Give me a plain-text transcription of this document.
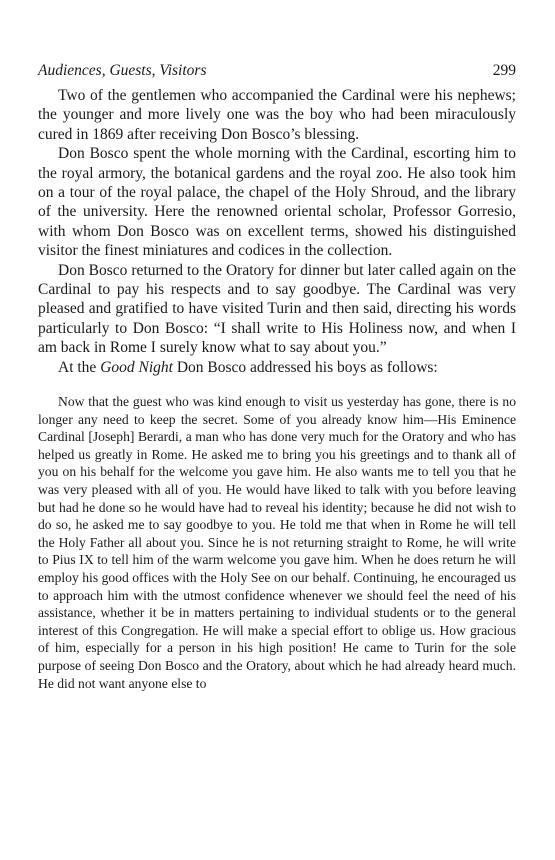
Audiences, Guests, Visitors	299

Two of the gentlemen who accompanied the Cardinal were his nephews; the younger and more lively one was the boy who had been miraculously cured in 1869 after receiving Don Bosco’s blessing.

Don Bosco spent the whole morning with the Cardinal, escorting him to the royal armory, the botanical gardens and the royal zoo. He also took him on a tour of the royal palace, the chapel of the Holy Shroud, and the library of the university. Here the renowned oriental scholar, Professor Gorresio, with whom Don Bosco was on excellent terms, showed his distinguished visitor the finest miniatures and codices in the collection.

Don Bosco returned to the Oratory for dinner but later called again on the Cardinal to pay his respects and to say goodbye. The Cardinal was very pleased and gratified to have visited Turin and then said, directing his words particularly to Don Bosco: “I shall write to His Holiness now, and when I am back in Rome I surely know what to say about you.”

At the Good Night Don Bosco addressed his boys as follows:

Now that the guest who was kind enough to visit us yesterday has gone, there is no longer any need to keep the secret. Some of you already know him—His Eminence Cardinal [Joseph] Berardi, a man who has done very much for the Oratory and who has helped us greatly in Rome. He asked me to bring you his greetings and to thank all of you on his behalf for the welcome you gave him. He also wants me to tell you that he was very pleased with all of you. He would have liked to talk with you before leaving but had he done so he would have had to reveal his identity; because he did not wish to do so, he asked me to say goodbye to you. He told me that when in Rome he will tell the Holy Father all about you. Since he is not returning straight to Rome, he will write to Pius IX to tell him of the warm welcome you gave him. When he does return he will employ his good offices with the Holy See on our behalf. Continuing, he encouraged us to approach him with the utmost confidence whenever we should feel the need of his assistance, whether it be in matters pertaining to individual students or to the general interest of this Congregation. He will make a special effort to oblige us. How gracious of him, especially for a person in his high position! He came to Turin for the sole purpose of seeing Don Bosco and the Oratory, about which he had already heard much. He did not want anyone else to
